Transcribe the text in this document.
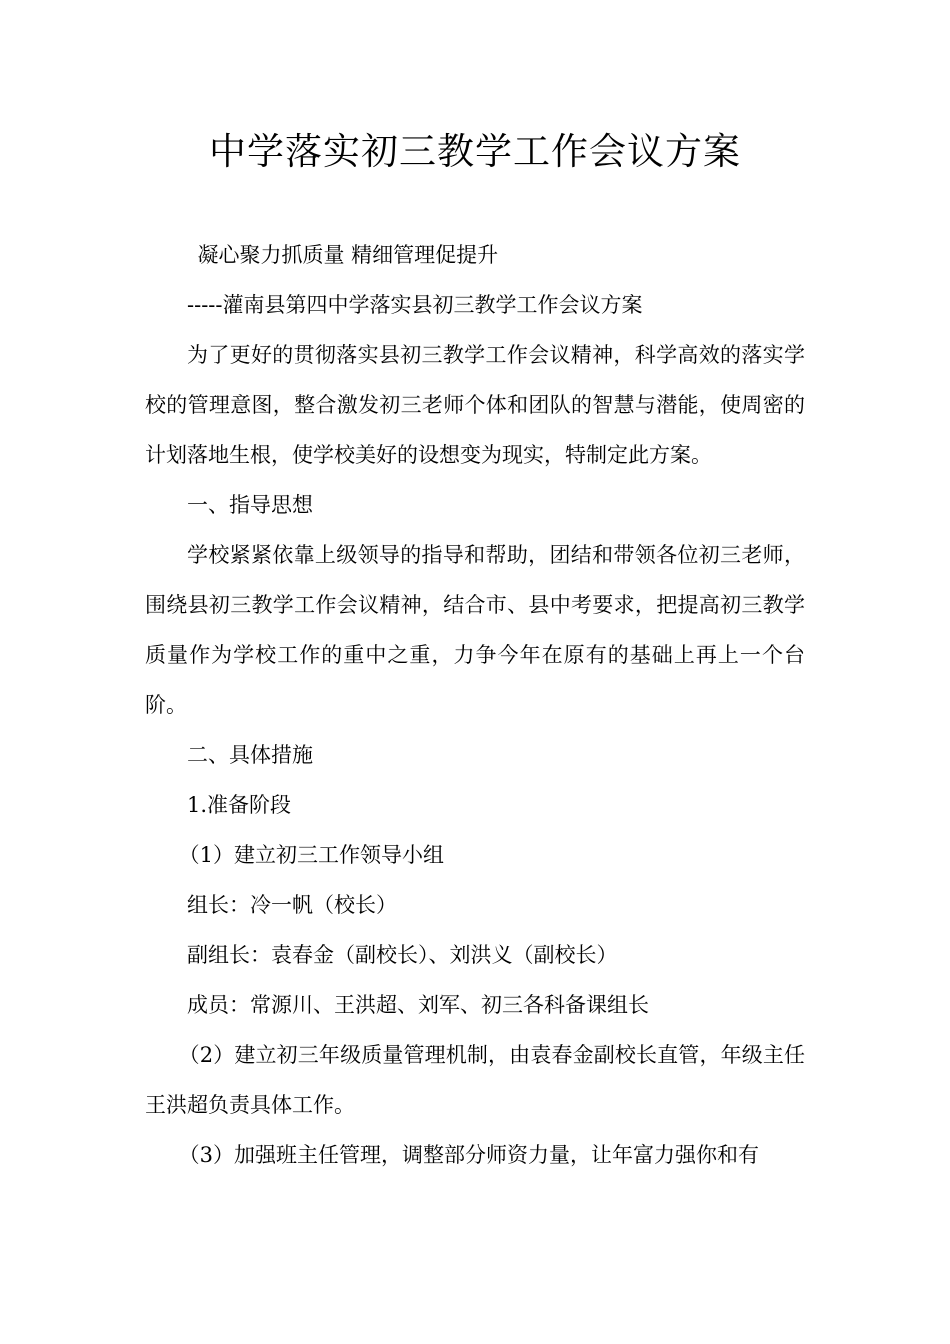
中学落实初三教学工作会议方案

凝心聚力抓质量 精细管理促提升

-----灌南县第四中学落实县初三教学工作会议方案

为了更好的贯彻落实县初三教学工作会议精神，科学高效的落实学校的管理意图，整合激发初三老师个体和团队的智慧与潜能，使周密的计划落地生根，使学校美好的设想变为现实，特制定此方案。

一、指导思想

学校紧紧依靠上级领导的指导和帮助，团结和带领各位初三老师，围绕县初三教学工作会议精神，结合市、县中考要求，把提高初三教学质量作为学校工作的重中之重，力争今年在原有的基础上再上一个台阶。

二、具体措施

1.准备阶段

（1）建立初三工作领导小组

组长：冷一帆（校长）

副组长：袁春金（副校长）、刘洪义（副校长）

成员：常源川、王洪超、刘军、初三各科备课组长

（2）建立初三年级质量管理机制，由袁春金副校长直管，年级主任王洪超负责具体工作。

（3）加强班主任管理，调整部分师资力量，让年富力强你和有
